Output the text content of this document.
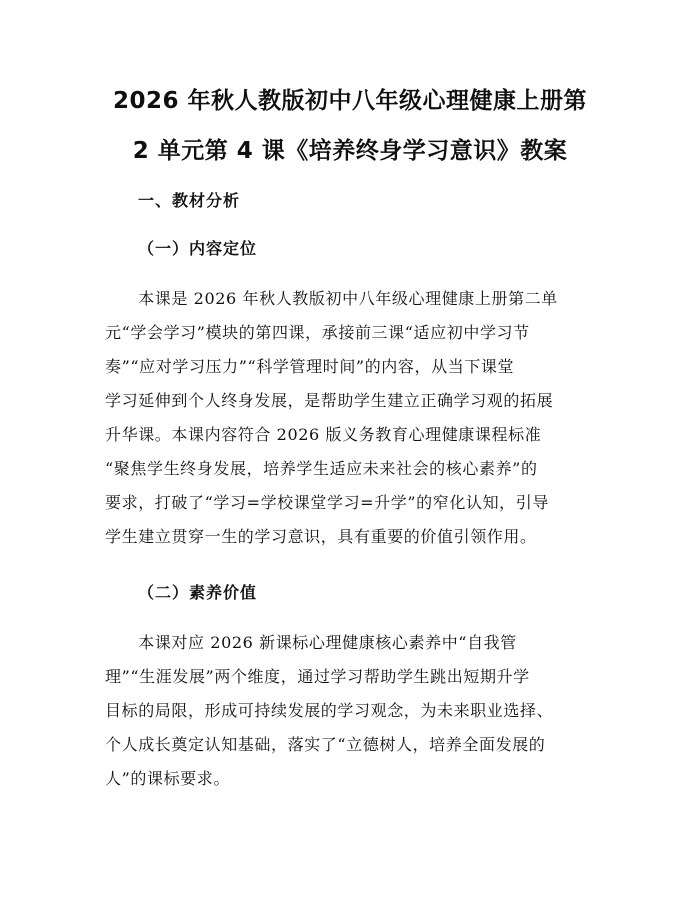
2026 年秋人教版初中八年级心理健康上册第
2 单元第 4 课《培养终身学习意识》教案
一、教材分析
（一）内容定位
　　本课是 2026 年秋人教版初中八年级心理健康上册第二单
元“学会学习”模块的第四课，承接前三课“适应初中学习节
奏”“应对学习压力”“科学管理时间”的内容，从当下课堂
学习延伸到个人终身发展，是帮助学生建立正确学习观的拓展
升华课。本课内容符合 2026 版义务教育心理健康课程标准
“聚焦学生终身发展，培养学生适应未来社会的核心素养”的
要求，打破了“学习=学校课堂学习=升学”的窄化认知，引导
学生建立贯穿一生的学习意识，具有重要的价值引领作用。
（二）素养价值
　　本课对应 2026 新课标心理健康核心素养中“自我管
理”“生涯发展”两个维度，通过学习帮助学生跳出短期升学
目标的局限，形成可持续发展的学习观念，为未来职业选择、
个人成长奠定认知基础，落实了“立德树人，培养全面发展的
人”的课标要求。
